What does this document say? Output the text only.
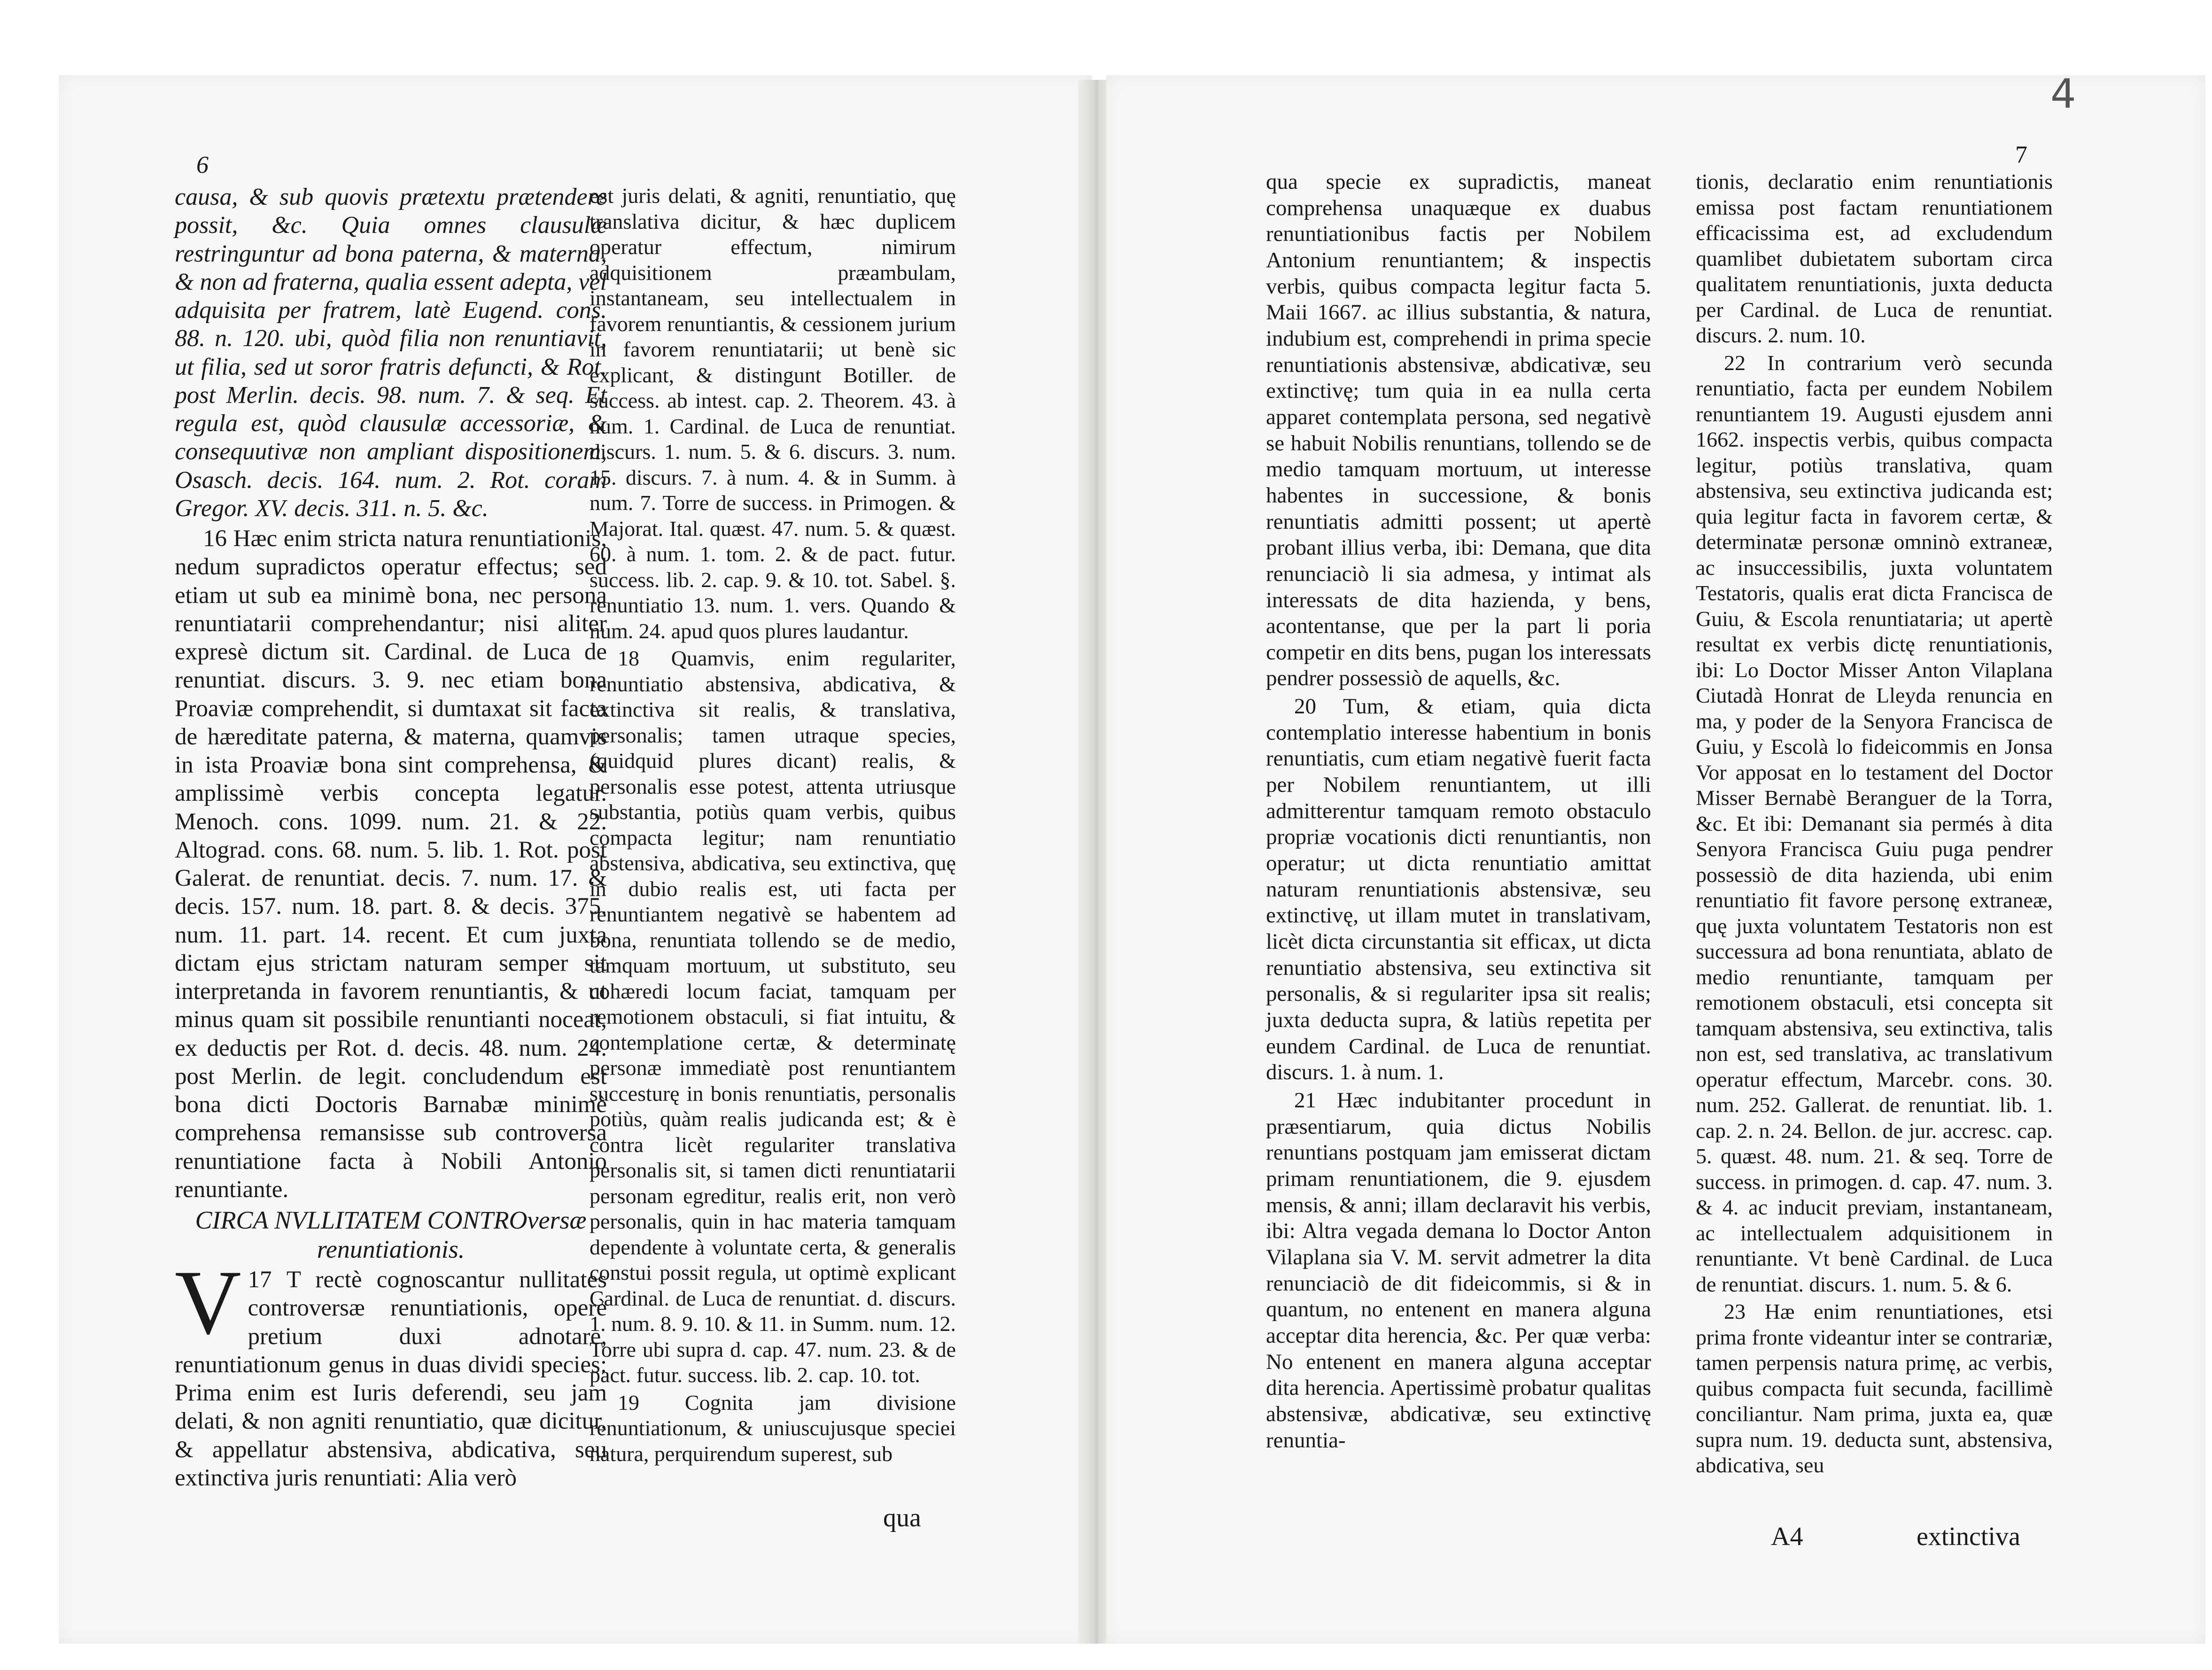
6

causa, & sub quovis prætextu prætendere possit, &c. Quia omnes clausulæ restringuntur ad bona paterna, & materna, & non ad fraterna, qualia essent adepta, vel adquisita per fratrem, latè Eugend. cons. 88. n. 120. ubi, quòd filia non renuntiavit, ut filia, sed ut soror fratris defuncti, & Rot. post Merlin. decis. 98. num. 7. & seq. Et regula est, quòd clausulæ accessoriæ, & consequutivæ non ampliant dispositionem, Osasch. decis. 164. num. 2. Rot. coram Gregor. XV. decis. 311. n. 5. &c.

16 Hæc enim stricta natura renuntiationis, nedum supradictos operatur effectus; sed etiam ut sub ea minimè bona, nec persona renuntiatarii comprehendantur; nisi aliter expresè dictum sit. Cardinal. de Luca de renuntiat. discurs. 3. 9. nec etiam bona Proaviæ comprehendit, si dumtaxat sit facta de hæreditate paterna, & materna, quamvis in ista Proaviæ bona sint comprehensa, & amplissimè verbis concepta legatur. Menoch. cons. 1099. num. 21. & 22. Altograd. cons. 68. num. 5. lib. 1. Rot. post Galerat. de renuntiat. decis. 7. num. 17. & decis. 157. num. 18. part. 8. & decis. 375. num. 11. part. 14. recent. Et cum juxta dictam ejus strictam naturam semper sit interpretanda in favorem renuntiantis, & ut minus quam sit possibile renuntianti noceat, ex deductis per Rot. d. decis. 48. num. 24. post Merlin. de legit. concludendum est bona dicti Doctoris Barnabæ minimè comprehensa remansisse sub controversa renuntiatione facta à Nobili Antonio renuntiante.

CIRCA NVLLITATEM CONTROversæ renuntiationis.

17
V T rectè cognoscantur nullitates controversæ renuntiationis, operè pretium duxi adnotare, renuntiationum genus in duas dividi species: Prima enim est Iuris deferendi, seu jam delati, & non agniti renuntiatio, quæ dicitur, & appellatur abstensiva, abdicativa, seu extinctiva juris renuntiati: Alia verò

est juris delati, & agniti, renuntiatio, quę translativa dicitur, & hæc duplicem operatur effectum, nimirum adquisitionem præambulam, instantaneam, seu intellectualem in favorem renuntiantis, & cessionem jurium in favorem renuntiatarii; ut benè sic explicant, & distingunt Botiller. de success. ab intest. cap. 2. Theorem. 43. à num. 1. Cardinal. de Luca de renuntiat. discurs. 1. num. 5. & 6. discurs. 3. num. 15. discurs. 7. à num. 4. & in Summ. à num. 7. Torre de success. in Primogen. & Majorat. Ital. quæst. 47. num. 5. & quæst. 60. à num. 1. tom. 2. & de pact. futur. success. lib. 2. cap. 9. & 10. tot. Sabel. §. renuntiatio 13. num. 1. vers. Quando & num. 24. apud quos plures laudantur.

18 Quamvis, enim regulariter, renuntiatio abstensiva, abdicativa, & extinctiva sit realis, & translativa, personalis; tamen utraque species, (quidquid plures dicant) realis, & personalis esse potest, attenta utriusque substantia, potiùs quam verbis, quibus compacta legitur; nam renuntiatio abstensiva, abdicativa, seu extinctiva, quę in dubio realis est, uti facta per renuntiantem negativè se habentem ad bona, renuntiata tollendo se de medio, tamquam mortuum, ut substituto, seu cohæredi locum faciat, tamquam per remotionem obstaculi, si fiat intuitu, & contemplatione certæ, & determinatę personæ immediatè post renuntiantem succesturę in bonis renuntiatis, personalis potiùs, quàm realis judicanda est; & è contra licèt regulariter translativa personalis sit, si tamen dicti renuntiatarii personam egreditur, realis erit, non verò personalis, quin in hac materia tamquam dependente à voluntate certa, & generalis constui possit regula, ut optimè explicant Cardinal. de Luca de renuntiat. d. discurs. 1. num. 8. 9. 10. & 11. in Summ. num. 12. Torre ubi supra d. cap. 47. num. 23. & de pact. futur. success. lib. 2. cap. 10. tot.

19 Cognita jam divisione renuntiationum, & uniuscujusque speciei natura, perquirendum superest, sub

qua
4
7

qua specie ex supradictis, maneat comprehensa unaquæque ex duabus renuntiationibus factis per Nobilem Antonium renuntiantem; & inspectis verbis, quibus compacta legitur facta 5. Maii 1667. ac illius substantia, & natura, indubium est, comprehendi in prima specie renuntiationis abstensivæ, abdicativæ, seu extinctivę; tum quia in ea nulla certa apparet contemplata persona, sed negativè se habuit Nobilis renuntians, tollendo se de medio tamquam mortuum, ut interesse habentes in successione, & bonis renuntiatis admitti possent; ut apertè probant illius verba, ibi: Demana, que dita renunciaciò li sia admesa, y intimat als interessats de dita hazienda, y bens, acontentanse, que per la part li poria competir en dits bens, pugan los interessats pendrer possessiò de aquells, &c.

20 Tum, & etiam, quia dicta contemplatio interesse habentium in bonis renuntiatis, cum etiam negativè fuerit facta per Nobilem renuntiantem, ut illi admitterentur tamquam remoto obstaculo propriæ vocationis dicti renuntiantis, non operatur; ut dicta renuntiatio amittat naturam renuntiationis abstensivæ, seu extinctivę, ut illam mutet in translativam, licèt dicta circunstantia sit efficax, ut dicta renuntiatio abstensiva, seu extinctiva sit personalis, & si regulariter ipsa sit realis; juxta deducta supra, & latiùs repetita per eundem Cardinal. de Luca de renuntiat. discurs. 1. à num. 1.

21 Hæc indubitanter procedunt in præsentiarum, quia dictus Nobilis renuntians postquam jam emisserat dictam primam renuntiationem, die 9. ejusdem mensis, & anni; illam declaravit his verbis, ibi: Altra vegada demana lo Doctor Anton Vilaplana sia V. M. servit admetrer la dita renunciaciò de dit fideicommis, si & in quantum, no entenent en manera alguna acceptar dita herencia, &c. Per quæ verba: No entenent en manera alguna acceptar dita herencia. Apertissimè probatur qualitas abstensivæ, abdicativæ, seu extinctivę renuntia-

tionis, declaratio enim renuntiationis emissa post factam renuntiationem efficacissima est, ad excludendum quamlibet dubietatem subortam circa qualitatem renuntiationis, juxta deducta per Cardinal. de Luca de renuntiat. discurs. 2. num. 10.

22 In contrarium verò secunda renuntiatio, facta per eundem Nobilem renuntiantem 19. Augusti ejusdem anni 1662. inspectis verbis, quibus compacta legitur, potiùs translativa, quam abstensiva, seu extinctiva judicanda est; quia legitur facta in favorem certæ, & determinatæ personæ omninò extraneæ, ac insuccessibilis, juxta voluntatem Testatoris, qualis erat dicta Francisca de Guiu, & Escola renuntiataria; ut apertè resultat ex verbis dictę renuntiationis, ibi: Lo Doctor Misser Anton Vilaplana Ciutadà Honrat de Lleyda renuncia en ma, y poder de la Senyora Francisca de Guiu, y Escolà lo fideicommis en Jonsa Vor apposat en lo testament del Doctor Misser Bernabè Beranguer de la Torra, &c. Et ibi: Demanant sia permés à dita Senyora Francisca Guiu puga pendrer possessiò de dita hazienda, ubi enim renuntiatio fit favore personę extraneæ, quę juxta voluntatem Testatoris non est successura ad bona renuntiata, ablato de medio renuntiante, tamquam per remotionem obstaculi, etsi concepta sit tamquam abstensiva, seu extinctiva, talis non est, sed translativa, ac translativum operatur effectum, Marcebr. cons. 30. num. 252. Gallerat. de renuntiat. lib. 1. cap. 2. n. 24. Bellon. de jur. accresc. cap. 5. quæst. 48. num. 21. & seq. Torre de success. in primogen. d. cap. 47. num. 3. & 4. ac inducit previam, instantaneam, ac intellectualem adquisitionem in renuntiante. Vt benè Cardinal. de Luca de renuntiat. discurs. 1. num. 5. & 6.

23 Hæ enim renuntiationes, etsi prima fronte videantur inter se contrariæ, tamen perpensis natura primę, ac verbis, quibus compacta fuit secunda, facillimè conciliantur. Nam prima, juxta ea, quæ supra num. 19. deducta sunt, abstensiva, abdicativa, seu

A4	extinctiva
